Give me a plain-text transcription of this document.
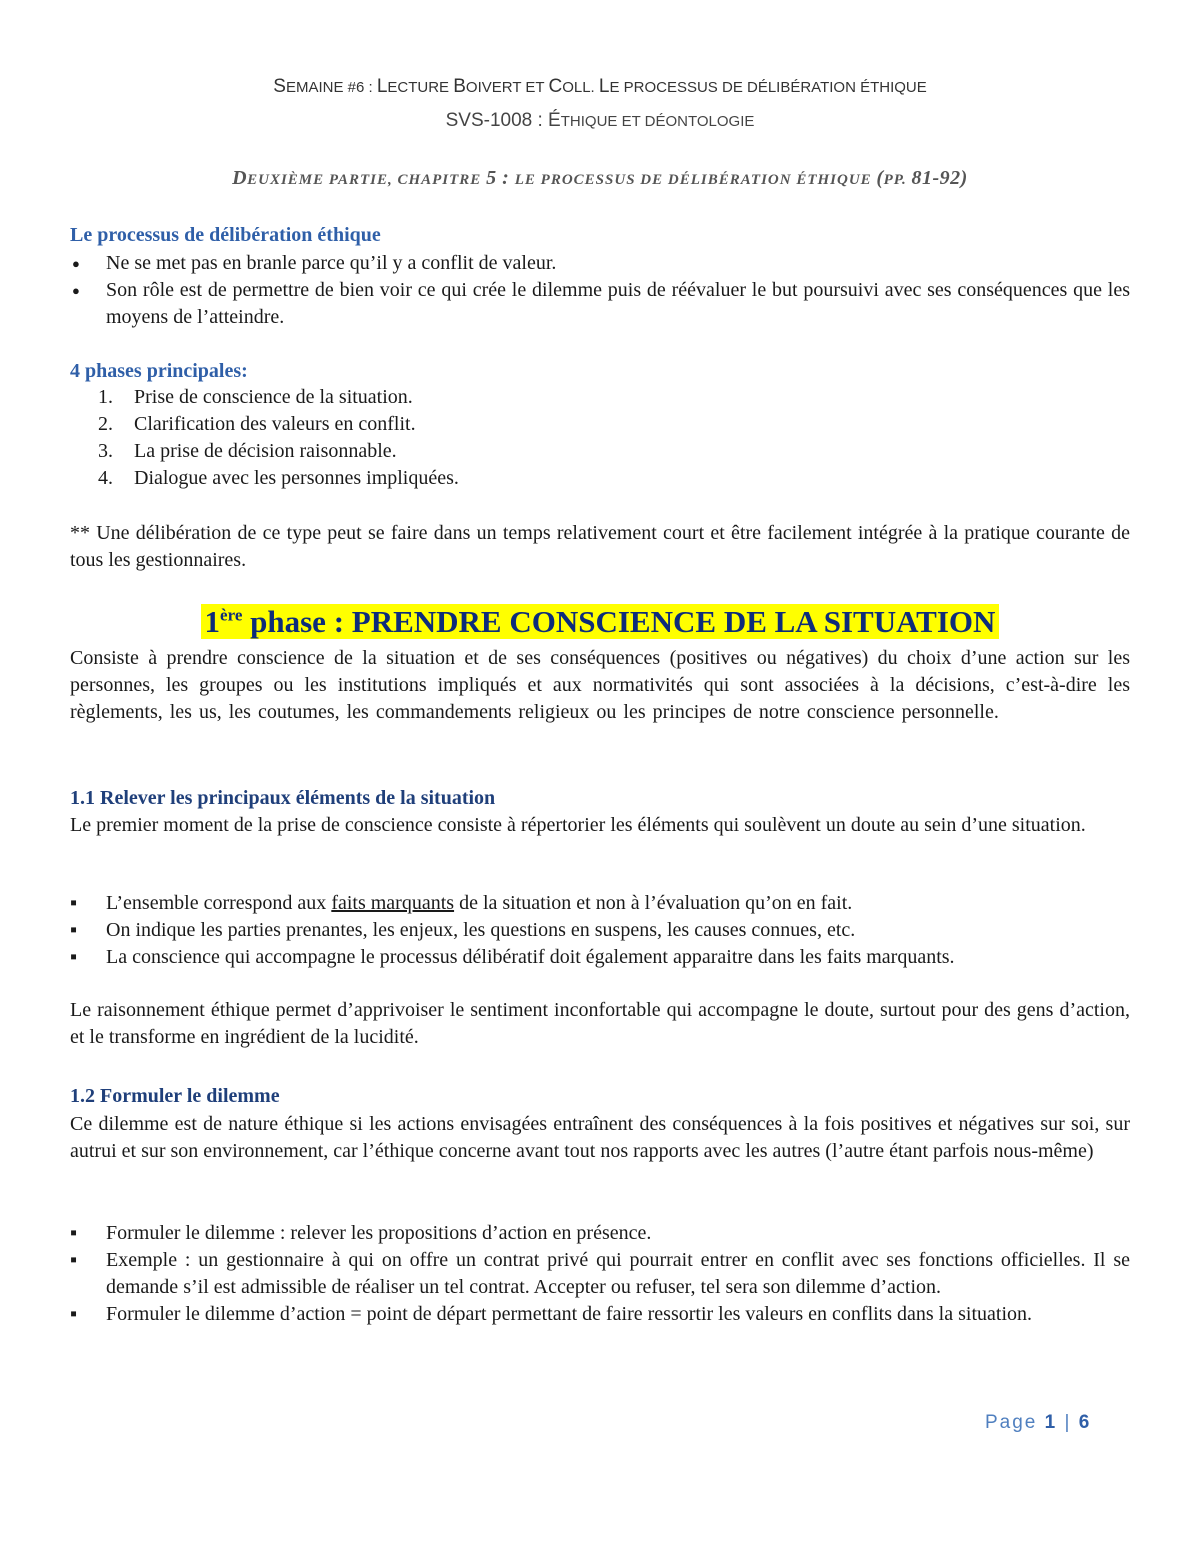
SEMAINE #6 : LECTURE BOIVERT ET COLL. LE PROCESSUS DE DÉLIBÉRATION ÉTHIQUE
SVS-1008 : ÉTHIQUE ET DÉONTOLOGIE
DEUXIÈME PARTIE, CHAPITRE 5 : LE PROCESSUS DE DÉLIBÉRATION ÉTHIQUE (PP. 81-92)
Le processus de délibération éthique
● Ne se met pas en branle parce qu’il y a conflit de valeur.
● Son rôle est de permettre de bien voir ce qui crée le dilemme puis de réévaluer le but poursuivi avec ses conséquences que les moyens de l’atteindre.
4 phases principales:
1.	Prise de conscience de la situation.
2.	Clarification des valeurs en conflit.
3.	La prise de décision raisonnable.
4.	Dialogue avec les personnes impliquées.
** Une délibération de ce type peut se faire dans un temps relativement court et être facilement intégrée à la pratique courante de tous les gestionnaires.
1ère phase : PRENDRE CONSCIENCE DE LA SITUATION
Consiste à prendre conscience de la situation et de ses conséquences (positives ou négatives) du choix d’une action sur les personnes, les groupes ou les institutions impliqués et aux normativités qui sont associées à la décisions, c’est-à-dire les règlements, les us, les coutumes, les commandements religieux ou les principes de notre conscience personnelle.
1.1 Relever les principaux éléments de la situation
Le premier moment de la prise de conscience consiste à répertorier les éléments qui soulèvent un doute au sein d’une situation.
▪ L’ensemble correspond aux faits marquants de la situation et non à l’évaluation qu’on en fait.
▪ On indique les parties prenantes, les enjeux, les questions en suspens, les causes connues, etc.
▪ La conscience qui accompagne le processus délibératif doit également apparaitre dans les faits marquants.
Le raisonnement éthique permet d’apprivoiser le sentiment inconfortable qui accompagne le doute, surtout pour des gens d’action, et le transforme en ingrédient de la lucidité.
1.2 Formuler le dilemme
Ce dilemme est de nature éthique si les actions envisagées entraînent des conséquences à la fois positives et négatives sur soi, sur autrui et sur son environnement, car l’éthique concerne avant tout nos rapports avec les autres (l’autre étant parfois nous-même)
▪ Formuler le dilemme : relever les propositions d’action en présence.
▪ Exemple : un gestionnaire à qui on offre un contrat privé qui pourrait entrer en conflit avec ses fonctions officielles. Il se demande s’il est admissible de réaliser un tel contrat. Accepter ou refuser, tel sera son dilemme d’action.
▪ Formuler le dilemme d’action = point de départ permettant de faire ressortir les valeurs en conflits dans la situation.
Page 1 | 6
